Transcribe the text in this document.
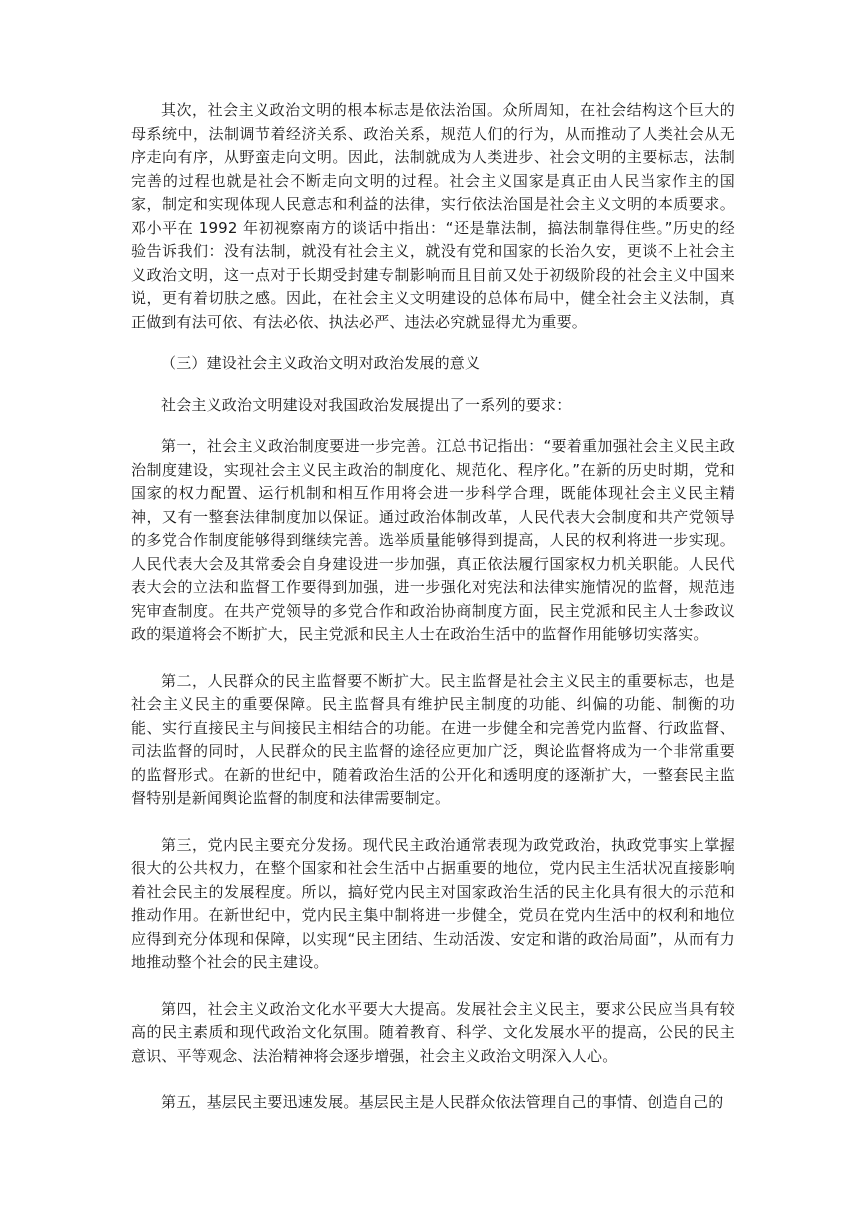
其次，社会主义政治文明的根本标志是依法治国。众所周知，在社会结构这个巨大的母系统中，法制调节着经济关系、政治关系，规范人们的行为，从而推动了人类社会从无序走向有序，从野蛮走向文明。因此，法制就成为人类进步、社会文明的主要标志，法制完善的过程也就是社会不断走向文明的过程。社会主义国家是真正由人民当家作主的国家，制定和实现体现人民意志和利益的法律，实行依法治国是社会主义文明的本质要求。邓小平在 1992 年初视察南方的谈话中指出：“还是靠法制，搞法制靠得住些。”历史的经验告诉我们：没有法制，就没有社会主义，就没有党和国家的长治久安，更谈不上社会主义政治文明，这一点对于长期受封建专制影响而且目前又处于初级阶段的社会主义中国来说，更有着切肤之感。因此，在社会主义文明建设的总体布局中，健全社会主义法制，真正做到有法可依、有法必依、执法必严、违法必究就显得尤为重要。

（三）建设社会主义政治文明对政治发展的意义

社会主义政治文明建设对我国政治发展提出了一系列的要求：

第一，社会主义政治制度要进一步完善。江总书记指出：“要着重加强社会主义民主政治制度建设，实现社会主义民主政治的制度化、规范化、程序化。”在新的历史时期，党和国家的权力配置、运行机制和相互作用将会进一步科学合理，既能体现社会主义民主精神，又有一整套法律制度加以保证。通过政治体制改革，人民代表大会制度和共产党领导的多党合作制度能够得到继续完善。选举质量能够得到提高，人民的权利将进一步实现。人民代表大会及其常委会自身建设进一步加强，真正依法履行国家权力机关职能。人民代表大会的立法和监督工作要得到加强，进一步强化对宪法和法律实施情况的监督，规范违宪审查制度。在共产党领导的多党合作和政治协商制度方面，民主党派和民主人士参政议政的渠道将会不断扩大，民主党派和民主人士在政治生活中的监督作用能够切实落实。

第二，人民群众的民主监督要不断扩大。民主监督是社会主义民主的重要标志，也是社会主义民主的重要保障。民主监督具有维护民主制度的功能、纠偏的功能、制衡的功能、实行直接民主与间接民主相结合的功能。在进一步健全和完善党内监督、行政监督、司法监督的同时，人民群众的民主监督的途径应更加广泛，舆论监督将成为一个非常重要的监督形式。在新的世纪中，随着政治生活的公开化和透明度的逐渐扩大，一整套民主监督特别是新闻舆论监督的制度和法律需要制定。

第三，党内民主要充分发扬。现代民主政治通常表现为政党政治，执政党事实上掌握很大的公共权力，在整个国家和社会生活中占据重要的地位，党内民主生活状况直接影响着社会民主的发展程度。所以，搞好党内民主对国家政治生活的民主化具有很大的示范和推动作用。在新世纪中，党内民主集中制将进一步健全，党员在党内生活中的权利和地位应得到充分体现和保障，以实现“民主团结、生动活泼、安定和谐的政治局面”，从而有力地推动整个社会的民主建设。

第四，社会主义政治文化水平要大大提高。发展社会主义民主，要求公民应当具有较高的民主素质和现代政治文化氛围。随着教育、科学、文化发展水平的提高，公民的民主意识、平等观念、法治精神将会逐步增强，社会主义政治文明深入人心。

第五，基层民主要迅速发展。基层民主是人民群众依法管理自己的事情、创造自己的
